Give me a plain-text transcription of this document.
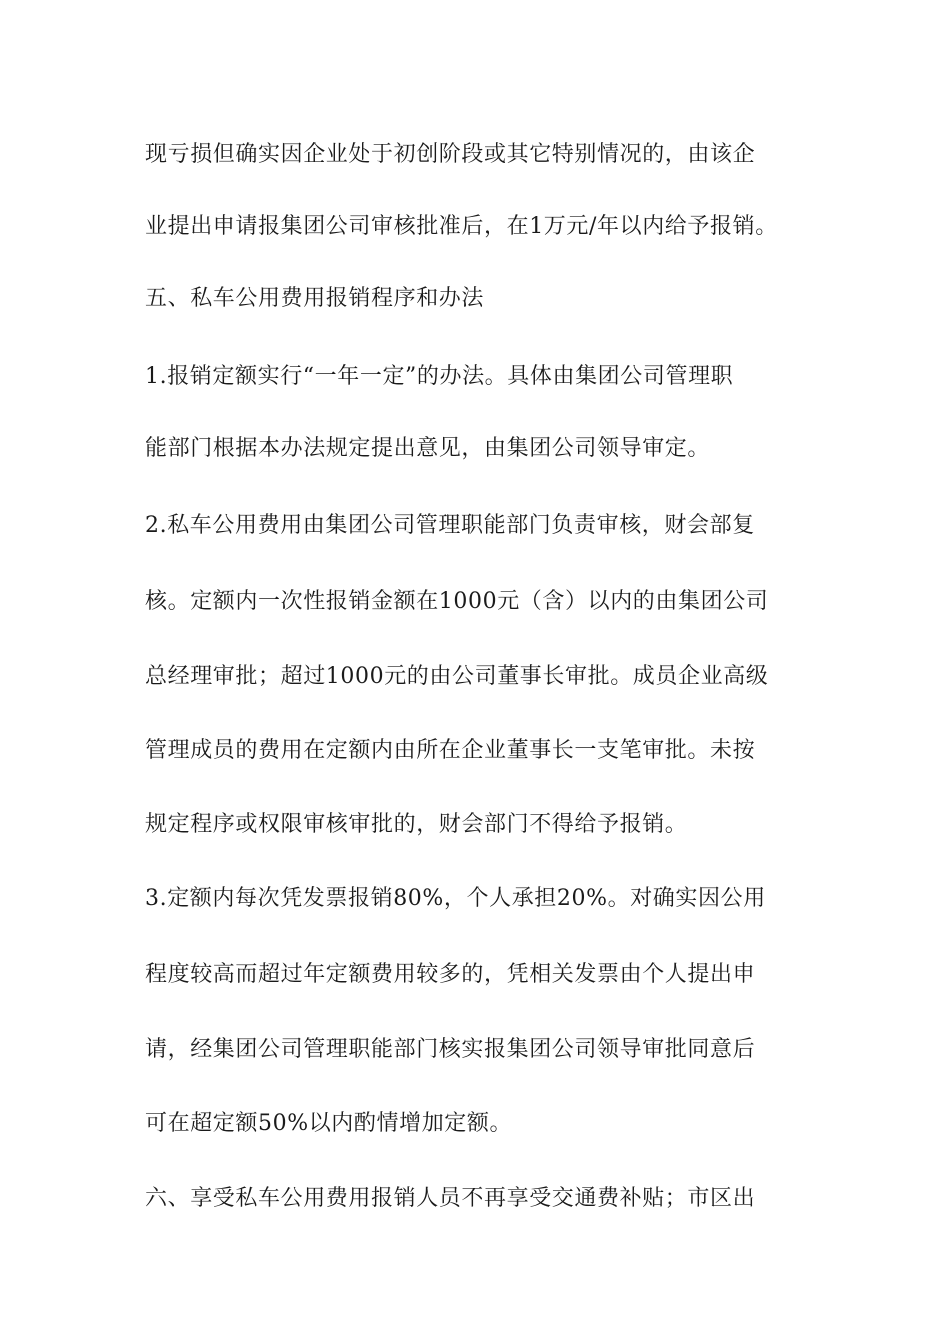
现亏损但确实因企业处于初创阶段或其它特别情况的，由该企
业提出申请报集团公司审核批准后，在1万元/年以内给予报销。
五、私车公用费用报销程序和办法
1.报销定额实行“一年一定”的办法。具体由集团公司管理职
能部门根据本办法规定提出意见，由集团公司领导审定。
2.私车公用费用由集团公司管理职能部门负责审核，财会部复
核。定额内一次性报销金额在1000元（含）以内的由集团公司
总经理审批；超过1000元的由公司董事长审批。成员企业高级
管理成员的费用在定额内由所在企业董事长一支笔审批。未按
规定程序或权限审核审批的，财会部门不得给予报销。
3.定额内每次凭发票报销80%，个人承担20%。对确实因公用
程度较高而超过年定额费用较多的，凭相关发票由个人提出申
请，经集团公司管理职能部门核实报集团公司领导审批同意后
可在超定额50%以内酌情增加定额。
六、享受私车公用费用报销人员不再享受交通费补贴；市区出
